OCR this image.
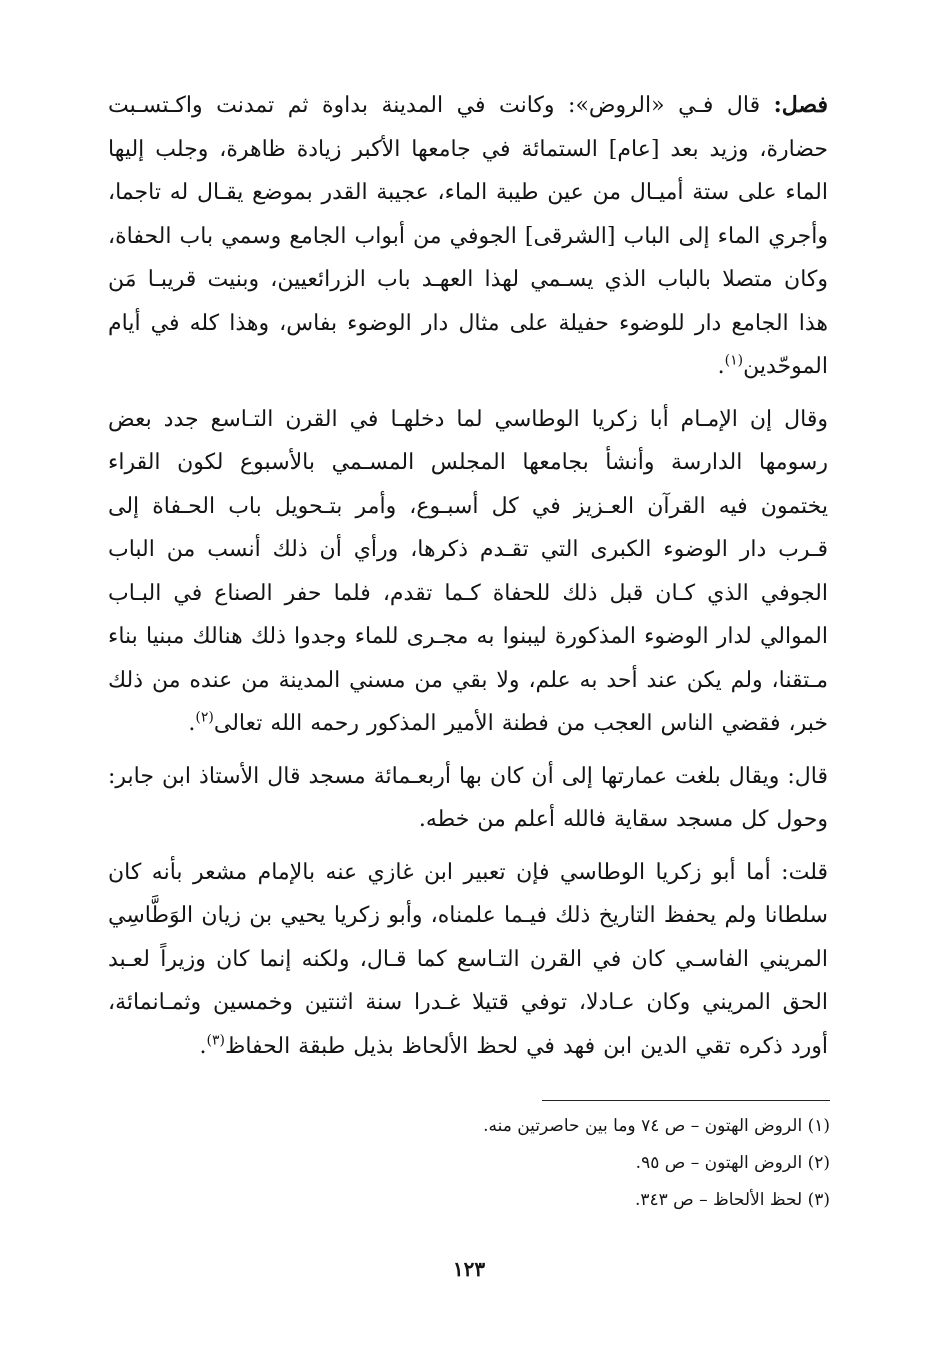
فصل: قال فـي «الروض»: وكانت في المدينة بداوة ثم تمدنت واكـتسـبت حضارة، وزيد بعد [عام] الستمائة في جامعها الأكبر زيادة ظاهرة، وجلب إليها الماء على ستة أميـال من عين طيبة الماء، عجيبة القدر بموضع يقـال له تاجما، وأجري الماء إلى الباب [الشرقى] الجوفي من أبواب الجامع وسمي باب الحفاة، وكان متصلا بالباب الذي يسـمي لهذا العهـد باب الزرائعيين، وبنيت قريبـا مَن هذا الجامع دار للوضوء حفيلة على مثال دار الوضوء بفاس، وهذا كله في أيام الموحّدين$^{(١)}$.

وقال إن الإمـام أبا زكريا الوطاسي لما دخلهـا في القرن التـاسع جدد بعض رسومها الدارسة وأنشأ بجامعها المجلس المسـمي بالأسبوع لكون القراء يختمون فيه القرآن العـزيز في كل أسبـوع، وأمر بتـحويل باب الحـفاة إلى قـرب دار الوضوء الكبرى التي تقـدم ذكرها، ورأي أن ذلك أنسب من الباب الجوفي الذي كـان قبل ذلك للحفاة كـما تقدم، فلما حفر الصناع في البـاب الموالي لدار الوضوء المذكورة ليبنوا به مجـرى للماء وجدوا ذلك هنالك مبنيا بناء مـتقنا، ولم يكن عند أحد به علم، ولا بقي من مسني المدينة من عنده من ذلك خبر، فقضي الناس العجب من فطنة الأمير المذكور رحمه الله تعالى$^{(٢)}$.

قال: ويقال بلغت عمارتها إلى أن كان بها أربعـمائة مسجد قال الأستاذ ابن جابر: وحول كل مسجد سقاية فالله أعلم من خطه.

قلت: أما أبو زكريا الوطاسي فإن تعبير ابن غازي عنه بالإمام مشعر بأنه كان سلطانا ولم يحفظ التاريخ ذلك فيـما علمناه، وأبو زكريا يحيي بن زيان الوَطَّاسِي المريني الفاسـي كان في القرن التـاسع كما قـال، ولكنه إنما كان وزيراً لعـبد الحق المريني وكان عـادلا، توفي قتيلا غـدرا سنة اثنتين وخمسين وثمـانمائة، أورد ذكره تقي الدين ابن فهد في لحظ الألحاظ بذيل طبقة الحفاظ$^{(٣)}$.

(١) الروض الهتون – ص ٧٤ وما بين حاصرتين منه.
(٢) الروض الهتون – ص ٩٥.
(٣) لحظ الألحاظ – ص ٣٤٣.
١٢٣
